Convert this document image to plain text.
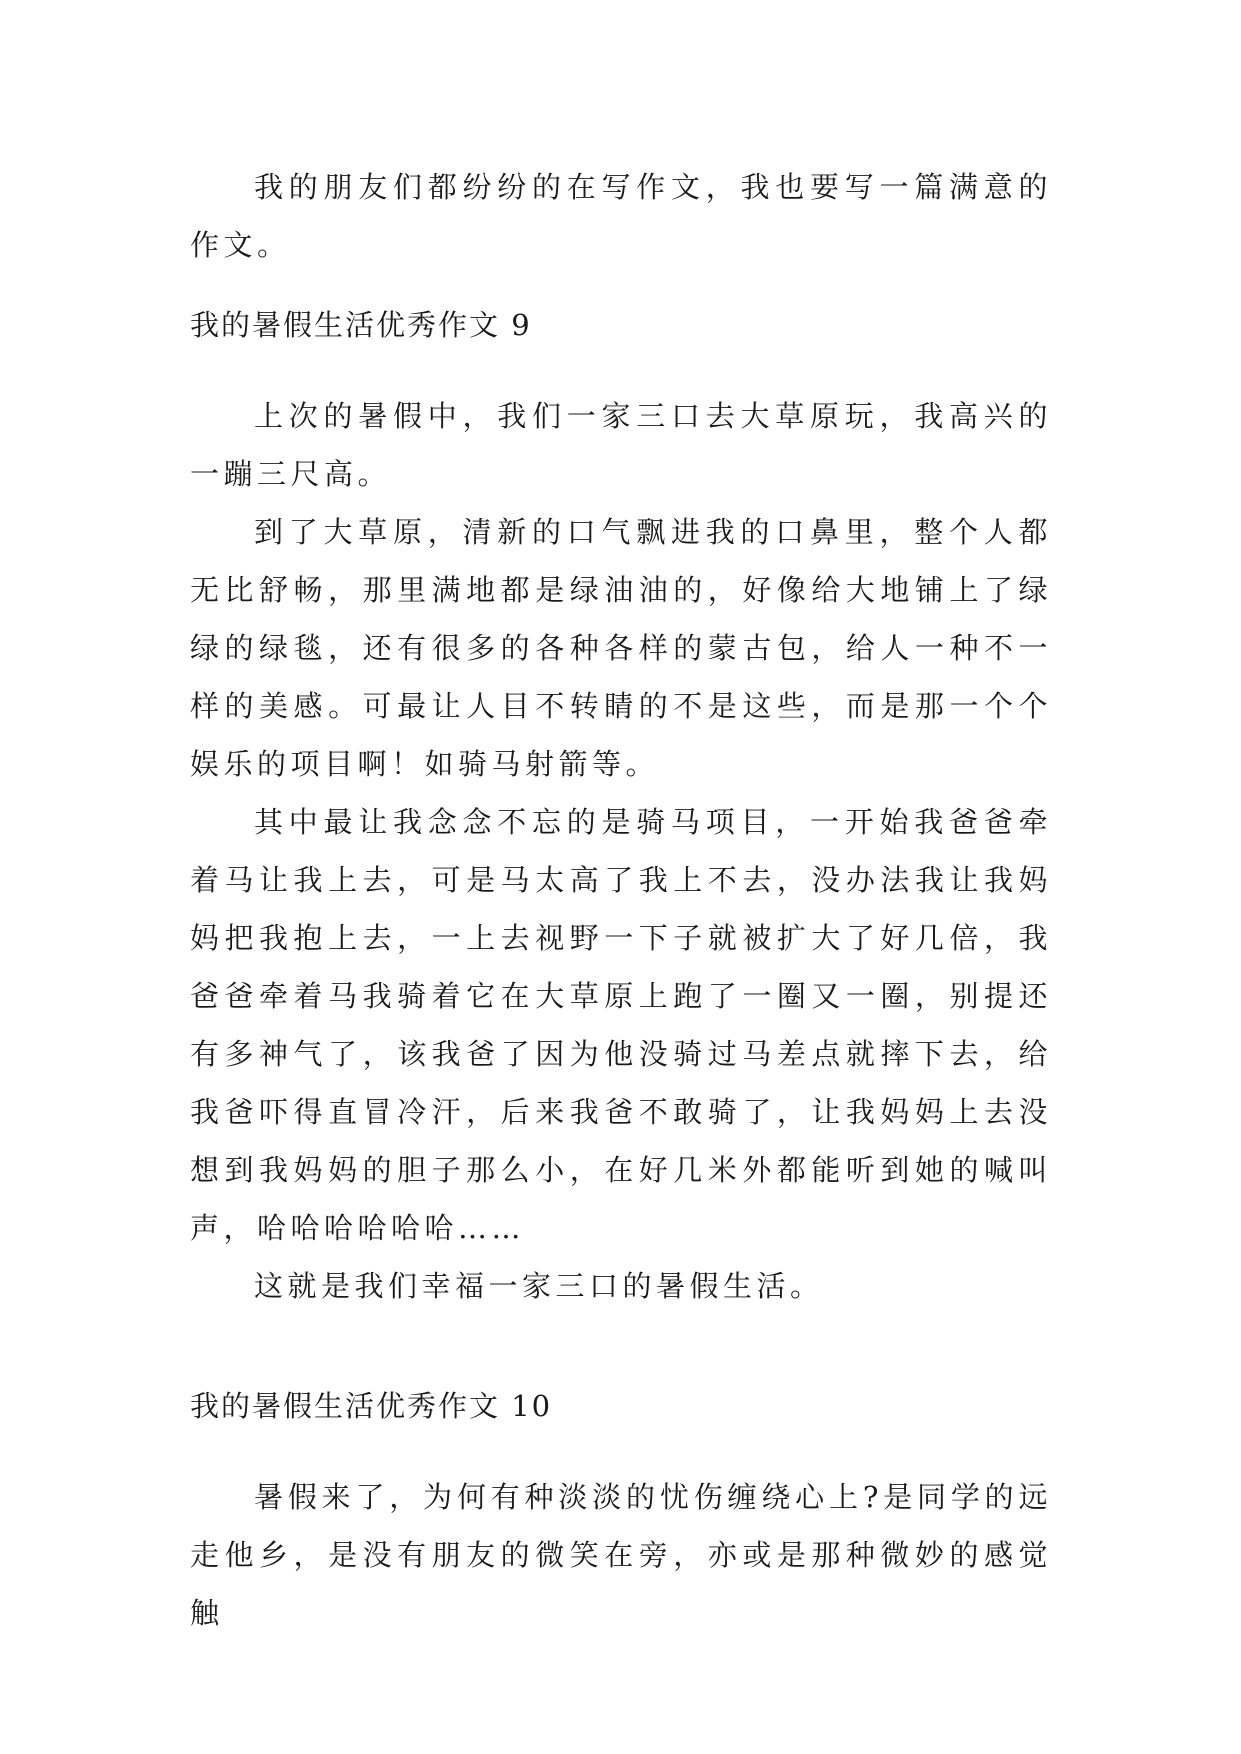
我的朋友们都纷纷的在写作文，我也要写一篇满意的作文。

我的暑假生活优秀作文 9

上次的暑假中，我们一家三口去大草原玩，我高兴的一蹦三尺高。

到了大草原，清新的口气飘进我的口鼻里，整个人都无比舒畅，那里满地都是绿油油的，好像给大地铺上了绿绿的绿毯，还有很多的各种各样的蒙古包，给人一种不一样的美感。可最让人目不转睛的不是这些，而是那一个个娱乐的项目啊！如骑马射箭等。

其中最让我念念不忘的是骑马项目，一开始我爸爸牵着马让我上去，可是马太高了我上不去，没办法我让我妈妈把我抱上去，一上去视野一下子就被扩大了好几倍，我爸爸牵着马我骑着它在大草原上跑了一圈又一圈，别提还有多神气了，该我爸了因为他没骑过马差点就摔下去，给我爸吓得直冒冷汗，后来我爸不敢骑了，让我妈妈上去没想到我妈妈的胆子那么小，在好几米外都能听到她的喊叫声，哈哈哈哈哈哈……

这就是我们幸福一家三口的暑假生活。

我的暑假生活优秀作文 10

暑假来了，为何有种淡淡的忧伤缠绕心上?是同学的远走他乡，是没有朋友的微笑在旁，亦或是那种微妙的感觉触
